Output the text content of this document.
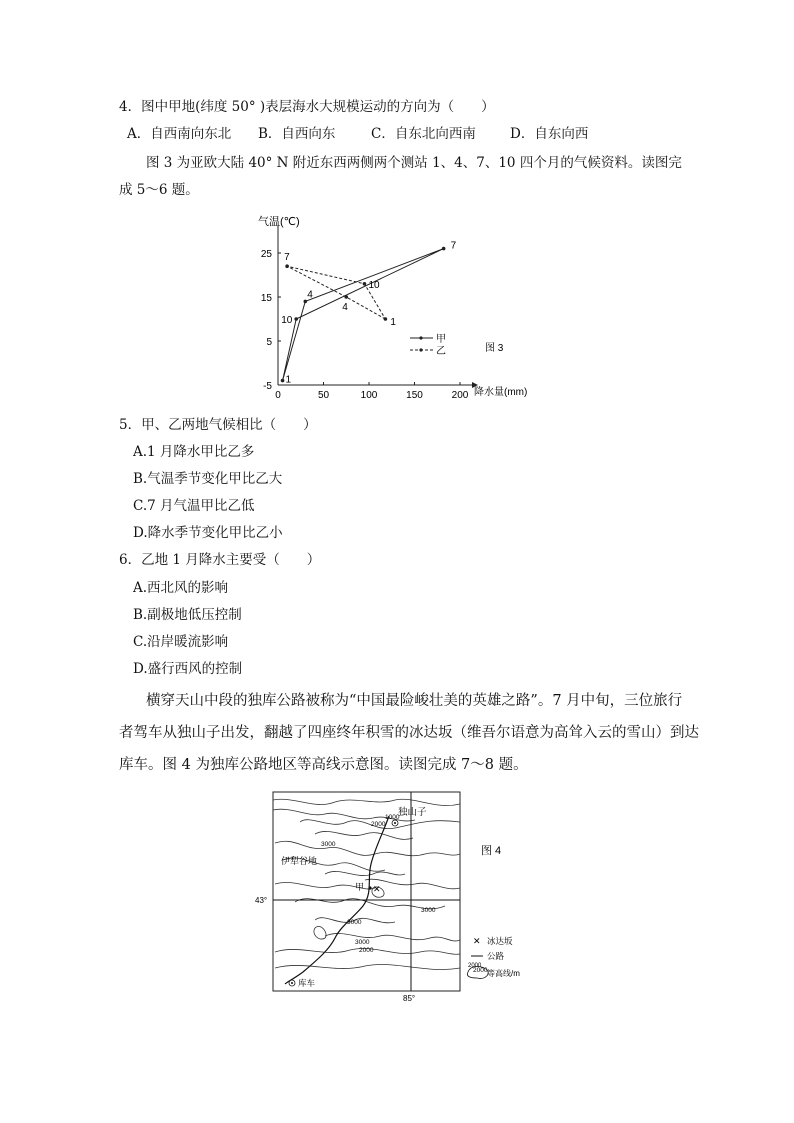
4．图中甲地(纬度 50° )表层海水大规模运动的方向为（　　）
A．自西南向东北 B．自西向东	C．自东北向西南	D．自东向西
图 3 为亚欧大陆 40° N 附近东西两侧两个测站 1、4、7、10 四个月的气候资料。读图完
成 5～6 题。
气温(℃)
降水量(mm)
25
15
5
-5
0	50	100	150	200
1
4
7
10	1
4
7
10
甲
乙	图 3
5．甲、乙两地气候相比（　　）
A.1 月降水甲比乙多
B.气温季节变化甲比乙大
C.7 月气温甲比乙低
D.降水季节变化甲比乙小
6．乙地 1 月降水主要受（　　）
A.西北风的影响
B.副极地低压控制
C.沿岸暖流影响
D.盛行西风的控制
横穿天山中段的独库公路被称为“中国最险峻壮美的英雄之路”。7 月中旬，三位旅行
者驾车从独山子出发，翻越了四座终年积雪的冰达坂（维吾尔语意为高耸入云的雪山）到达
库车。图 4 为独库公路地区等高线示意图。读图完成 7～8 题。
43°
85°
1000
2000
3000
3000
3000
3000
2000
2000
独山子
伊犁谷地
甲 ✕
库车
图 4
✕ 冰达坂
公路
2000
等高线/m
